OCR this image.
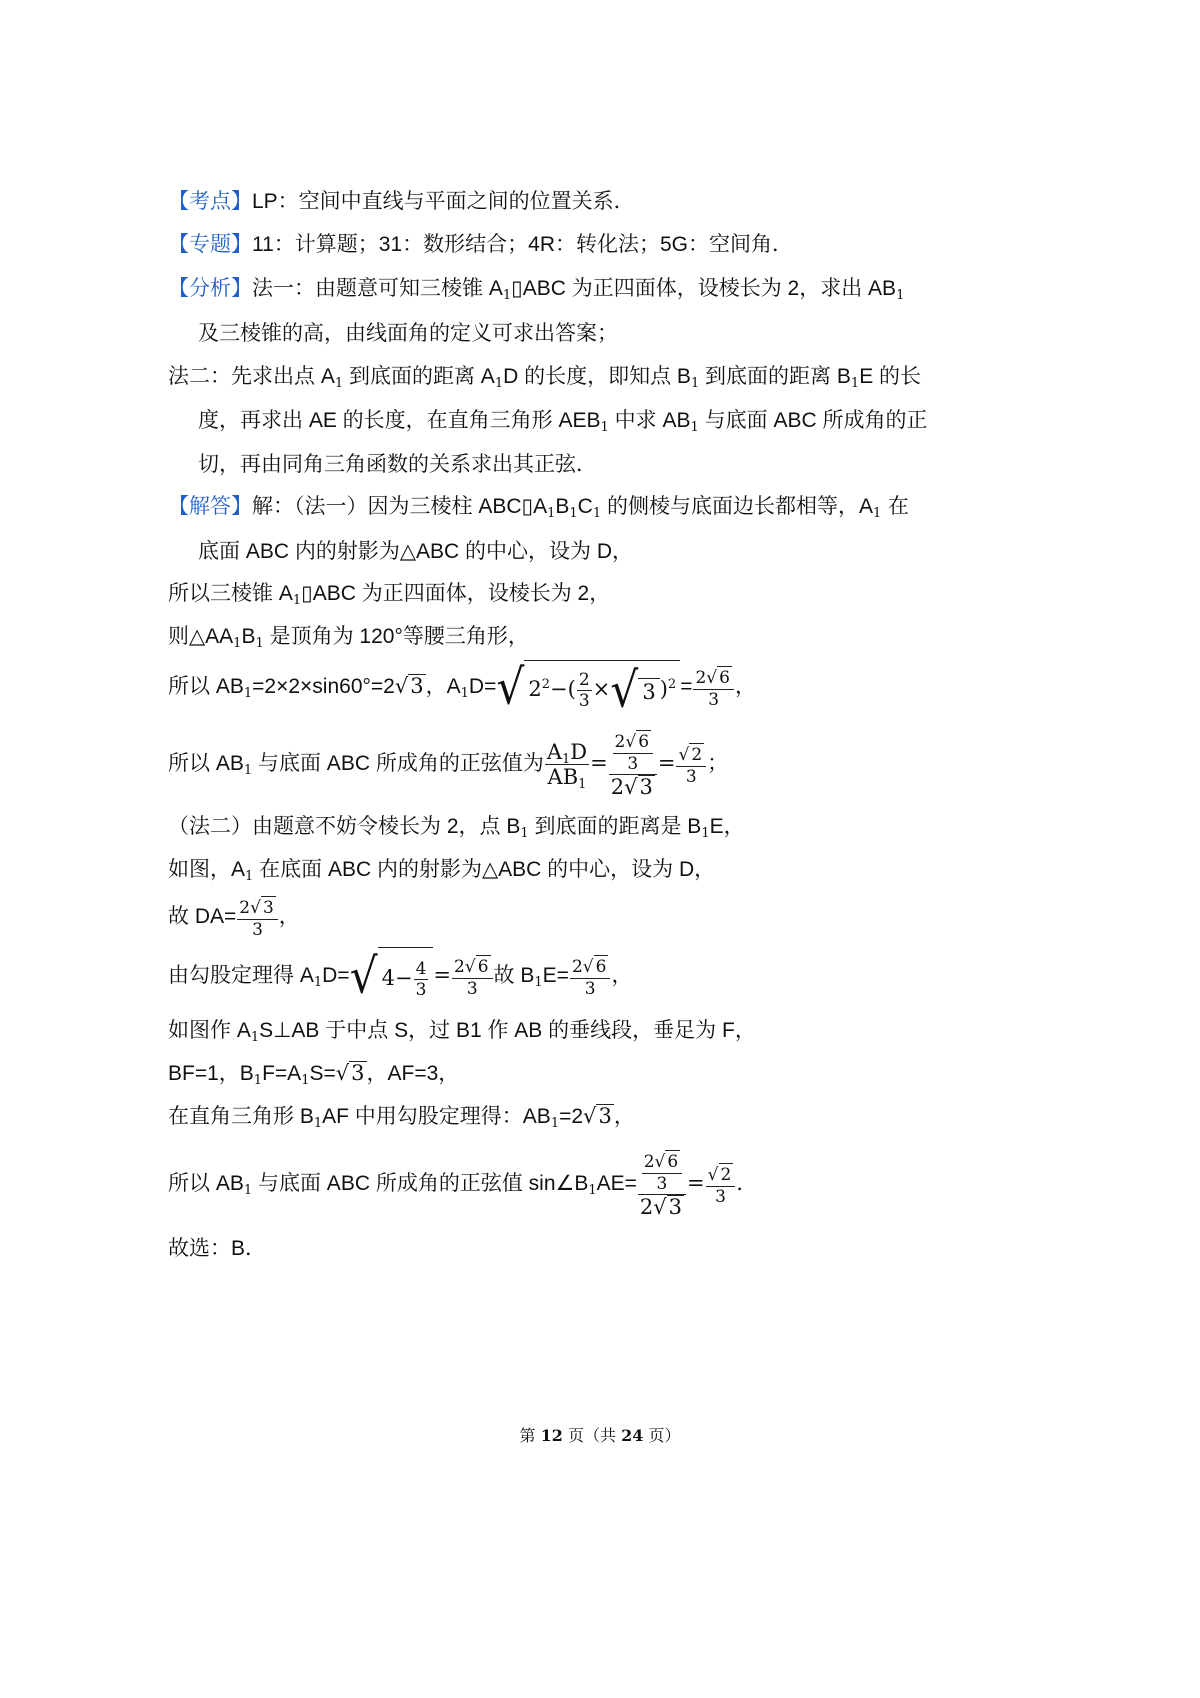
【考点】LP：空间中直线与平面之间的位置关系．
【专题】11：计算题；31：数形结合；4R：转化法；5G：空间角．
【分析】法一：由题意可知三棱锥 $A_1▯ABC$ 为正四面体，设棱长为 2，求出 $AB_1$
及三棱锥的高，由线面角的定义可求出答案；
法二：先求出点 $A_1$ 到底面的距离 $A_1D$ 的长度，即知点 $B_1$ 到底面的距离 $B_1E$ 的长
度，再求出 AE 的长度，在直角三角形 $AEB_1$ 中求 $AB_1$ 与底面 ABC 所成角的正
切，再由同角三角函数的关系求出其正弦．
【解答】解：（法一）因为三棱柱 $ABC▯A_1B_1C_1$ 的侧棱与底面边长都相等，$A_1$ 在
底面 ABC 内的射影为△ABC 的中心，设为 D，
所以三棱锥 $A_1▯ABC$ 为正四面体，设棱长为 2，
则$\triangle AA_1B_1$ 是顶角为 120°等腰三角形，
所以 $AB_1=2\times 2\times\sin 60^\circ=2√3$，$A_1D=√$ $2^2-( \frac{2}{3}$ ×√ 3 )$^2 = \frac{2√ 6}{3}$ ，
所以 $AB_1$ 与底面 ABC 所成角的正弦值为 $\frac{A_1D}{AB_1} = \frac{\frac{2√ 6}{3}}{2√3} = \frac{√ 2}{3}$ ；
（法二）由题意不妨令棱长为 2，点 $B_1$ 到底面的距离是 $B_1E$，
如图，$A_1$ 在底面 ABC 内的射影为△ABC 的中心，设为 D，
故 $DA= \frac{2√ 3}{3}$ ，
由勾股定理得 $A_1D=√$ $4- \frac{4}{3} = \frac{2√ 6}{3}$ 故 $B_1E= \frac{2√ 6}{3}$ ，
如图作 $A_1S\perp AB$ 于中点 S，过 B1 作 AB 的垂线段，垂足为 F，
BF=1，$B_1F=A_1S=√3$，AF=3，
在直角三角形 $B_1AF$ 中用勾股定理得：$AB_1=2√3$，
所以 $AB_1$ 与底面 ABC 所成角的正弦值 $\sin\angle B_1AE= \frac{\frac{2√ 6}{3}}{2√3} = \frac{√ 2}{3}$ ．
故选：B．
第 12 页（共 24 页）
